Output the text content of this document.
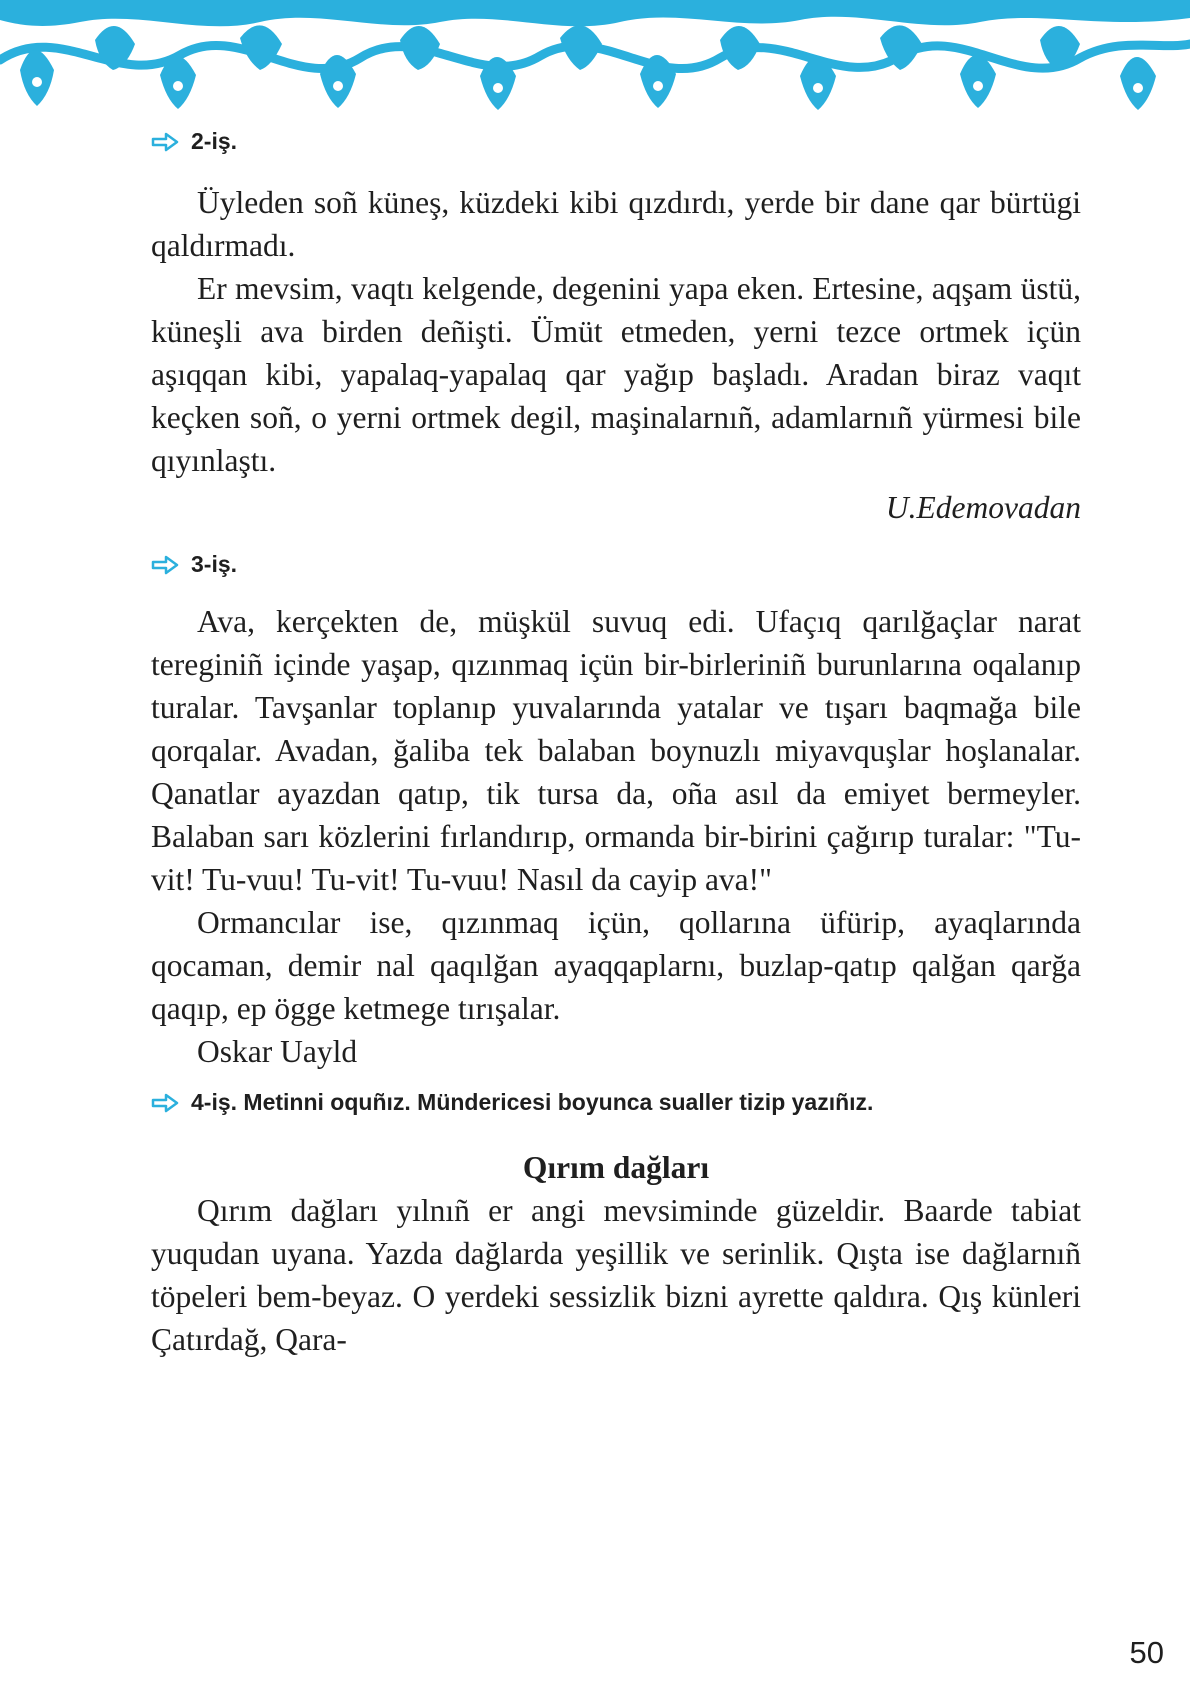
2-iş.

Üyleden soñ küneş, küzdeki kibi qızdırdı, yerde bir dane qar bürtügi qaldırmadı.

Er mevsim, vaqtı kelgende, degenini yapa eken. Ertesine, aqşam üstü, küneşli ava birden deñişti. Ümüt etmeden, yerni tezce ortmek içün aşıqqan kibi, yapalaq-yapalaq qar yağıp başladı. Aradan biraz vaqıt keçken soñ, o yerni ortmek degil, maşinalarnıñ, adamlarnıñ yürmesi bile qıyınlaştı.

U.Edemovadan

3-iş.

Ava, kerçekten de, müşkül suvuq edi. Ufaçıq qarılğaçlar narat tereginiñ içinde yaşap, qızınmaq içün bir-birleriniñ burunlarına oqalanıp turalar. Tavşanlar toplanıp yuvalarında yatalar ve tışarı baqmağa bile qorqalar. Avadan, ğaliba tek balaban boynuzlı miyavquşlar hoşlanalar. Qanatlar ayazdan qatıp, tik tursa da, oña asıl da emiyet bermeyler. Balaban sarı közlerini fırlandırıp, ormanda bir-birini çağırıp turalar: "Tu-vit! Tu-vuu! Tu-vit! Tu-vuu! Nasıl da cayip ava!"

Ormancılar ise, qızınmaq içün, qollarına üfürip, ayaqlarında qocaman, demir nal qaqılğan ayaqqaplarnı, buzlap-qatıp qalğan qarğa qaqıp, ep ögge ketmege tırışalar.

Oskar Uayld

4-iş. Metinni oquñız. Mündericesi boyunca sualler tizip yazıñız.

Qırım dağları

Qırım dağları yılnıñ er angi mevsiminde güzeldir. Baarde tabiat yuqudan uyana. Yazda dağlarda yeşillik ve serinlik. Qışta ise dağlarnıñ töpeleri bem-beyaz. O yerdeki sessizlik bizni ayrette qaldıra. Qış künleri Çatırdağ, Qara-

50
